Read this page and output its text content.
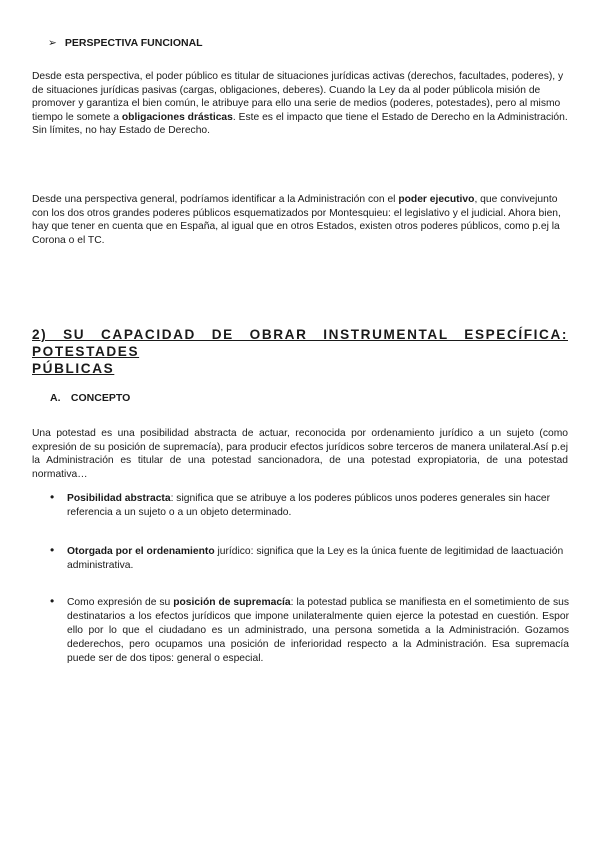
➢ PERSPECTIVA FUNCIONAL

Desde esta perspectiva, el poder público es titular de situaciones jurídicas activas (derechos, facultades, poderes), y de situaciones jurídicas pasivas (cargas, obligaciones, deberes). Cuando la Ley da al poder públicola misión de promover y garantiza el bien común, le atribuye para ello una serie de medios (poderes, potestades), pero al mismo tiempo le somete a obligaciones drásticas. Este es el impacto que tiene el Estado de Derecho en la Administración. Sin límites, no hay Estado de Derecho.

Desde una perspectiva general, podríamos identificar a la Administración con el poder ejecutivo, que convivejunto con los dos otros grandes poderes públicos esquematizados por Montesquieu: el legislativo y el judicial. Ahora bien, hay que tener en cuenta que en España, al igual que en otros Estados, existen otros poderes públicos, como p.ej la Corona o el TC.

2) SU CAPACIDAD DE OBRAR INSTRUMENTAL ESPECÍFICA: POTESTADES
PÚBLICAS
A. CONCEPTO

Una potestad es una posibilidad abstracta de actuar, reconocida por ordenamiento jurídico a un sujeto (como expresión de su posición de supremacía), para producir efectos jurídicos sobre terceros de manera unilateral.Así p.ej la Administración es titular de una potestad sancionadora, de una potestad expropiatoria, de una potestad normativa…

• Posibilidad abstracta: significa que se atribuye a los poderes públicos unos poderes generales sin hacer referencia a un sujeto o a un objeto determinado.

• Otorgada por el ordenamiento jurídico: significa que la Ley es la única fuente de legitimidad de laactuación administrativa.

• Como expresión de su posición de supremacía: la potestad publica se manifiesta en el sometimiento de sus destinatarios a los efectos jurídicos que impone unilateralmente quien ejerce la potestad en cuestión. Espor ello por lo que el ciudadano es un administrado, una persona sometida a la Administración. Gozamos dederechos, pero ocupamos una posición de inferioridad respecto a la Administración. Esa supremacía puede ser de dos tipos: general o especial.
